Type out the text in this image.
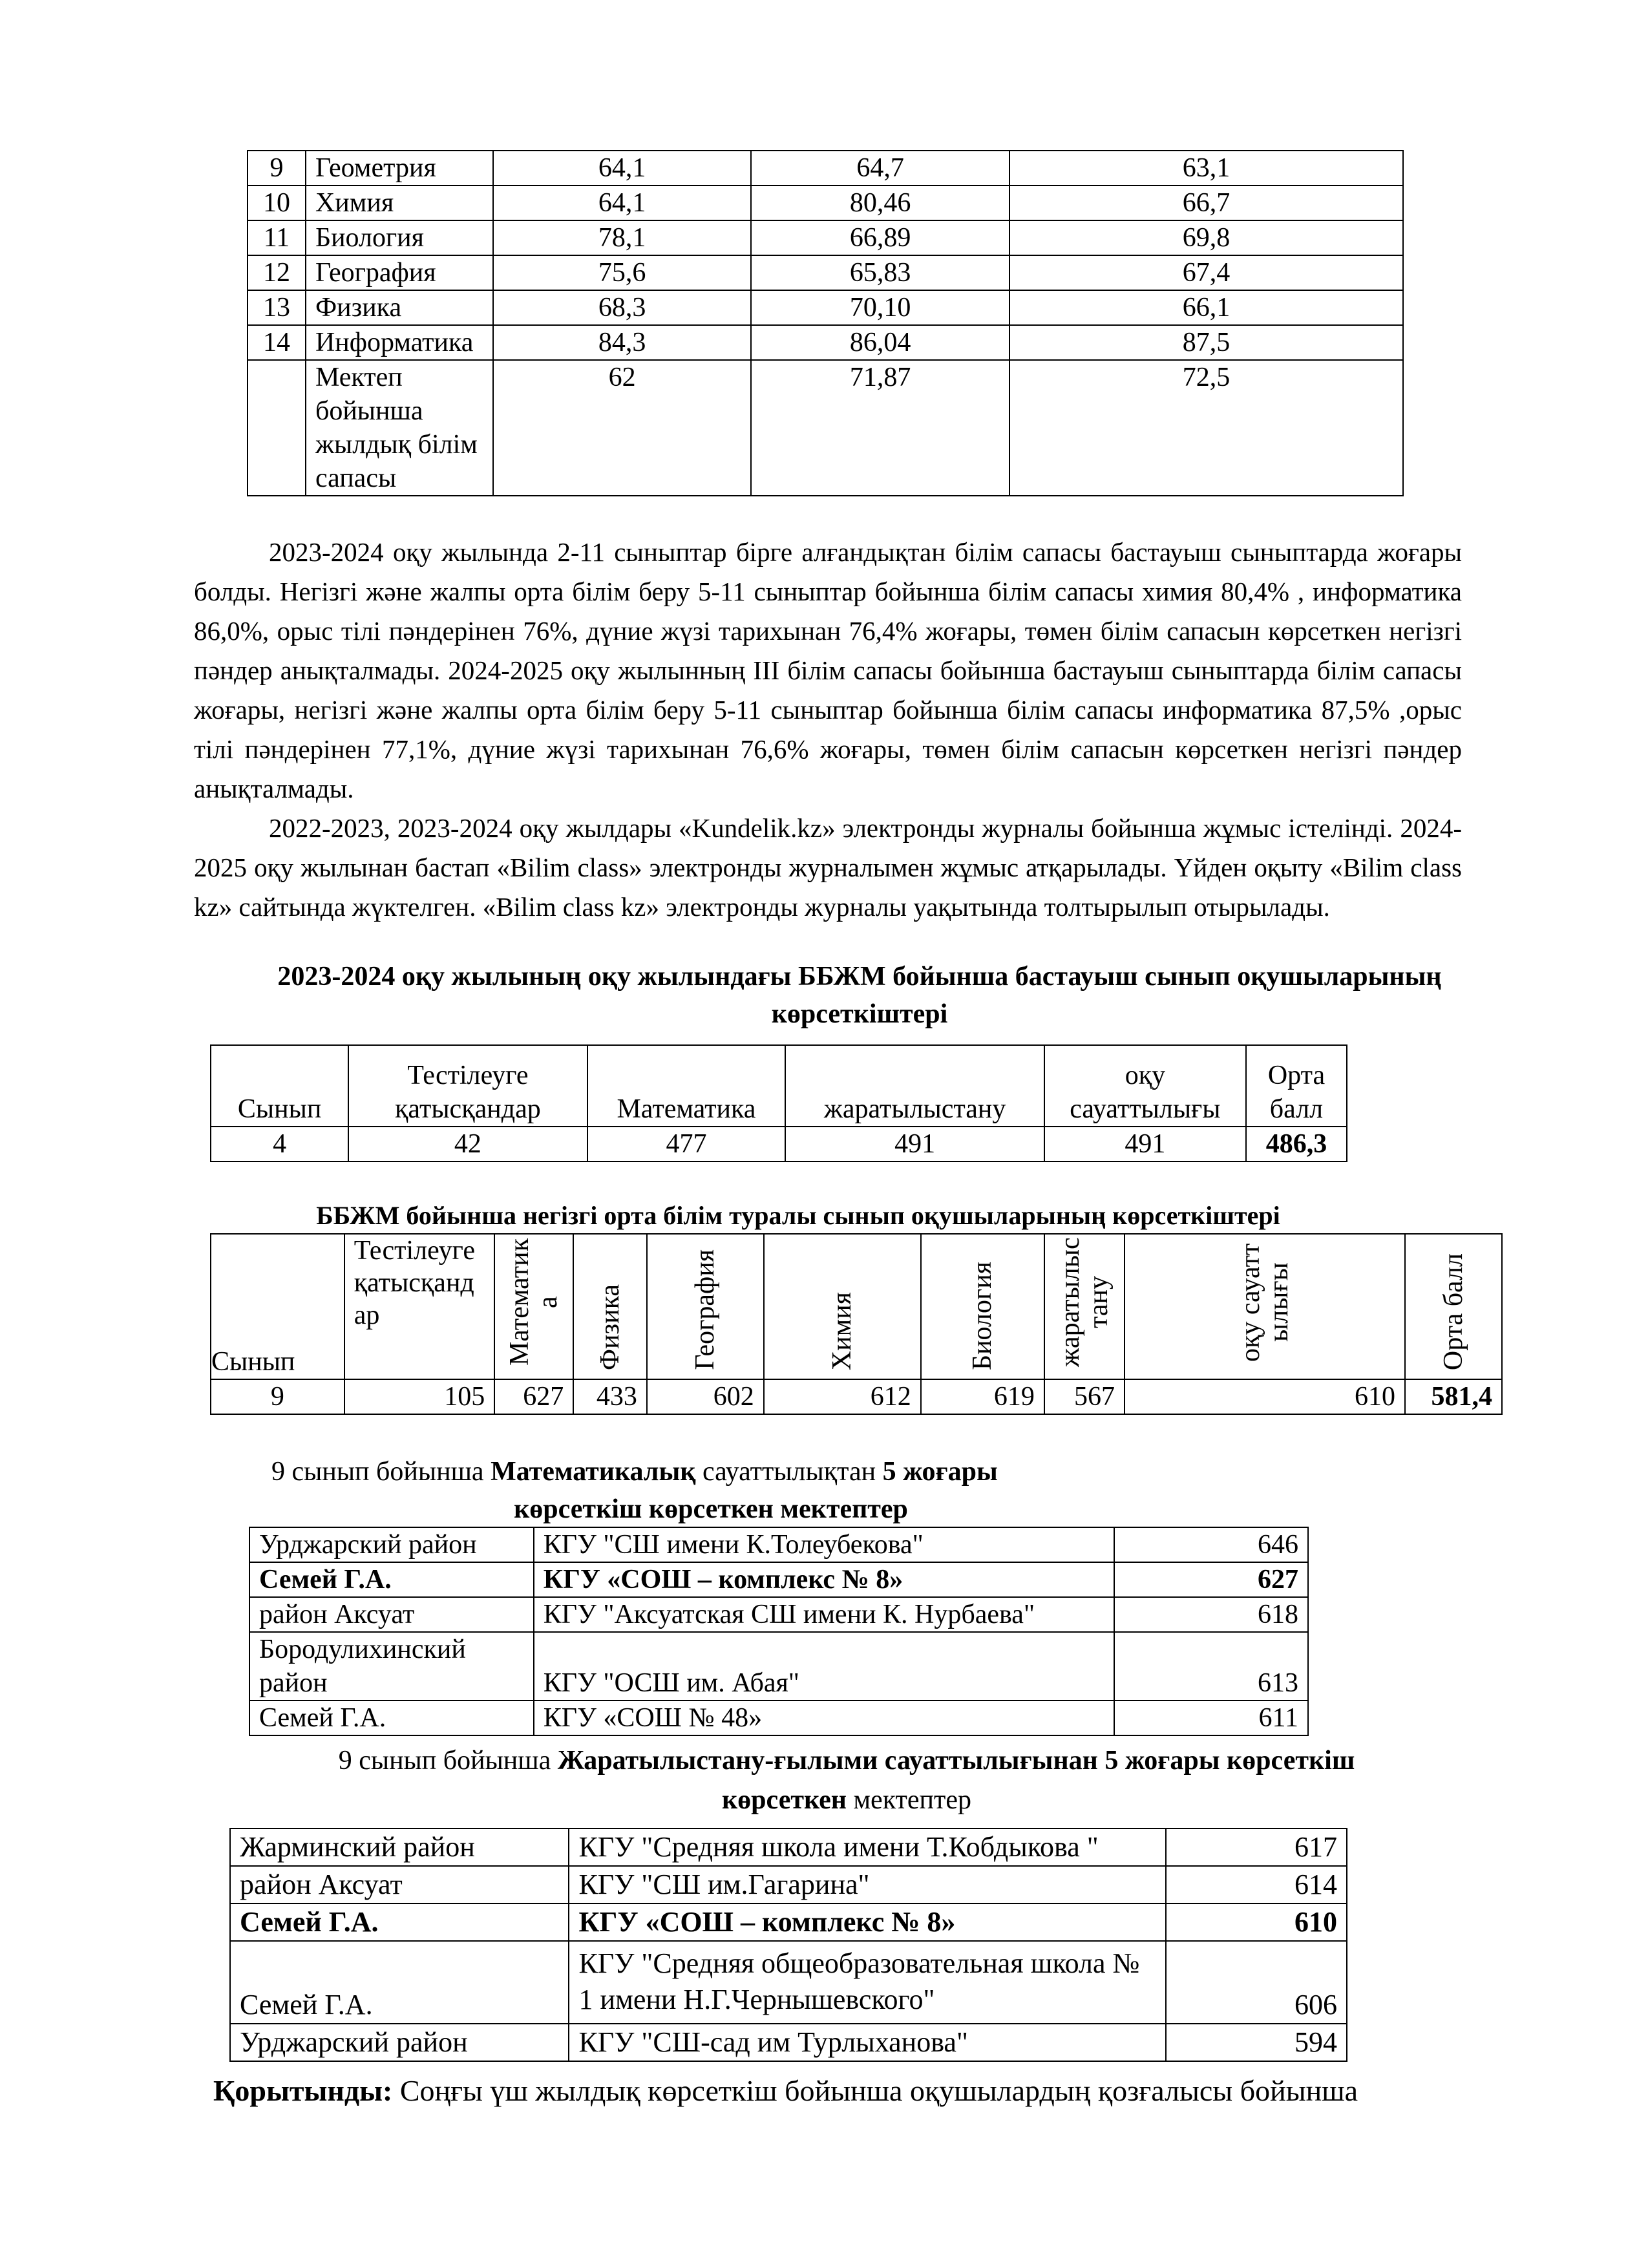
9	Геометрия	64,1	64,7	63,1
10	Химия	64,1	80,46	66,7
11	Биология	78,1	66,89	69,8
12	География	75,6	65,83	67,4
13	Физика	68,3	70,10	66,1
14	Информатика	84,3	86,04	87,5
	Мектеп бойынша жылдық білім сапасы	62	71,87	72,5

2023-2024 оқу жылында 2-11 сыныптар бірге алғандықтан білім сапасы бастауыш сыныптарда жоғары болды. Негізгі және жалпы орта білім беру 5-11 сыныптар бойынша білім сапасы химия 80,4% , информатика 86,0%, орыс тілі пәндерінен 76%, дүние жүзі тарихынан 76,4% жоғары, төмен білім сапасын көрсеткен негізгі пәндер анықталмады. 2024-2025 оқу жылынның ІІІ білім сапасы бойынша бастауыш сыныптарда білім сапасы жоғары, негізгі және жалпы орта білім беру 5-11 сыныптар бойынша білім сапасы информатика 87,5% ,орыс тілі пәндерінен 77,1%, дүние жүзі тарихынан 76,6% жоғары, төмен білім сапасын көрсеткен негізгі пәндер анықталмады.

2022-2023, 2023-2024 оқу жылдары «Kundelik.kz» электронды журналы бойынша жұмыс істелінді. 2024-2025 оқу жылынан бастап «Bilim class» электронды журналымен жұмыс атқарылады. Үйден оқыту «Bilim class kz» сайтында жүктелген. «Bilim class kz» электронды журналы уақытында толтырылып отырылады.

2023-2024 оқу жылының оқу жылындағы ББЖМ бойынша бастауыш сынып оқушыларының көрсеткіштері
Сынып	Тестілеуге қатысқандар	Математика	жаратылыстану	оқу сауаттылығы	Орта балл
4	42	477	491	491	486,3
ББЖМ бойынша негізгі орта білім туралы сынып оқушыларының көрсеткіштері
Сынып	Тестілеуге қатысқандар	Математика	Физика	География	Химия	Биология	жаратылыстану	оқу сауаттылығы	Орта балл
9	105	627	433	602	612	619	567	610	581,4
9 сынып бойынша Математикалық сауаттылықтан 5 жоғары
көрсеткіш көрсеткен мектептер
Урджарский район	КГУ "СШ имени К.Толеубекова"	646
Семей Г.А.	КГУ «СОШ – комплекс № 8»	627
район Аксуат	КГУ "Аксуатская СШ имени К. Нурбаева"	618
Бородулихинский район	КГУ "ОСШ им. Абая"	613
Семей Г.А.	КГУ «СОШ № 48»	611
9 сынып бойынша Жаратылыстану-ғылыми сауаттылығынан 5 жоғары көрсеткіш
көрсеткен мектептер
Жарминский район	КГУ "Средняя школа имени Т.Кобдыкова "	617
район Аксуат	КГУ "СШ им.Гагарина"	614
Семей Г.А.	КГУ «СОШ – комплекс № 8»	610
Семей Г.А.	КГУ "Средняя общеобразовательная школа № 1 имени Н.Г.Чернышевского"	606
Урджарский район	КГУ "СШ-сад им Турлыханова"	594
Қорытынды: Соңғы үш жылдық көрсеткіш бойынша оқушылардың қозғалысы бойынша
